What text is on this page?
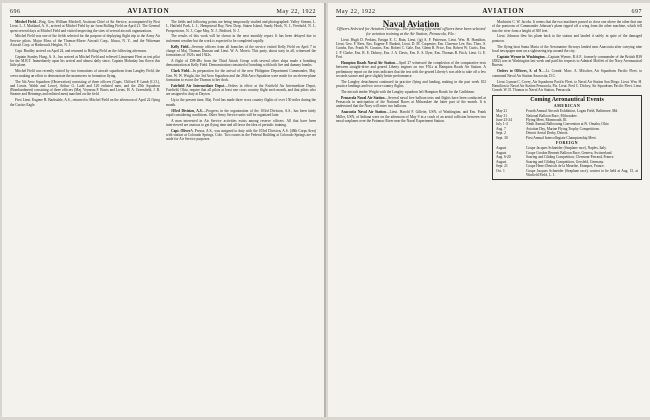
696	AVIATION	May 22, 1922

Mitchel Field—Brig. Gen. William Mitchell, Assistant Chief of Air Service, accompanied by First Lieut. L. J. Maitland, A. S., arrived at Mitchel Field by air from Bolling Field on April 21. The General spent several days at Mitchel Field and visited inspecting the sites of several aircraft organizations.

Mitchel Field was one of the fields selected for the purpose of deploying flight trip to the Army Air Service pilots. Major Moss of the Thomas-Morse Aircraft Corp., Ithaca, N. Y., and the Witteman Aircraft Corp. at Hasbrouck Heights, N. J.

Capt. Bradley arrived on April 24, and returned to Bolling Field on the following afternoon.

Captain Stanley Hoag, A. S., has arrived at Mitchel Field and relieved Lieutenant Fleet as test pilot for the M.B.T. Immediately upon his arrival and almost daily since, Captain Mohaday has flown this little plane.

Mitchel Field was recently visited by two formations of aircraft squadrons from Langley Field, the crews making an effort to demonstrate the maneuvers in formation flying.

The 5th Aero Squadron (Observation) consisting of three officers (Capts. Clifford P. Lamb (C.O.), and Lieuts. Walsh and Lowe), Arthur G. Ladd and 120 enlisted men, and the 25th Squadron (Bombardment) consisting of three officers (Maj. Veyneau F. Boots and Lieuts. H. A. Greenfield, J. R. Stearne and Hennings and enlisted men) marched on the field.

First Lieut. Eugene H. Barksdale, A.S., returned to Mitchel Field on the afternoon of April 22 flying the Curtiss Eagle.

The fields and following points are being temporarily studied and photographed: Valley Stream, L. I., Hatfield Park, L. I., Hempstead Bay, New Dorp, Staten Island, Sandy Hook, N. J., Freehold, N. J., Prospertown, N. J., Cape May, N. J., Bedford, N. J.

The results of this work will be shown in the next monthly report. It has been delayed due to inclement weather but the work is expected to be completed rapidly.

Kelly Field—Seventy officers from all branches of the service visited Kelly Field on April 7 in charge of Maj. Thomas Duncan and Lieut. W. A. Morris. This party, about sixty in all, witnessed the formations of 1921s and 1922s.

A flight of DH-4Bs from the Third Attack Group with several other ships made a bombing demonstration at Kelly Field. Demonstration consisted of bombing with both live and dummy bombs.

Clark Field—In preparation for the arrival of the new Philippine Department Commander, Maj. Gen. W. W. Wright, the 3rd Aero Squadron and the 28th Aero Squadron were made for an eleven-plane formation to escort the Thomas to her dock.

Fairfield Air Intermediate Depot—Orders in effect at the Fairfield Air Intermediate Depot, Fairfield, Ohio, require that all pilots at least one cross country flight each month, and that pilots who are assigned to duty at Dayton.

Up to the present time, Maj. Ford has made three cross country flights of over 150 miles during the month.

103rd Division, A.S.—Progress in the organization of the 103rd Division, A.S., has been fairly rapid considering conditions. Other Army Service units will be organized later.

A man interested in Air Service activities exists among reserve officers. All that have been interviewed are anxious to get flying time and all favor the idea of periodic training.

Capt. OliverA. Preuss, A.S., was assigned to duty with the 103rd Division, A.S. (48th Corps Area) with station at Colorado Springs, Colo. Two rooms in the Federal Building at Colorado Springs are set aside for Air Service purposes.

May 22, 1922	AVIATION	697
Naval Aviation
Officers Selected for Aviation Training—The following fifty naval officers have been selected for aviation training at the Air Station, Pensacola, Fla.:

Lieut. Hugh D. Perkins, Ensign E. C. Bain, Lieut. (jg) A. F. Patterson, Lieut. Wm. H. Hamilton, Lieut. Geo. F. Rees, Ens. Eugene F. Burkett, Lieut. D. M. Carpenter, Ens. Clarence Lee, Ens. Theo. S. Combs, Ens. Frank W. Cousins, Ens. Robert C. Gale, Ens. Glenn R. Price, Ens. Robert W. Curtis, Ens. J. P. Clarke, Ens. R. E. Dobroy, Ens. J. A. Davis, Ens. E. S. Dyer, Ens. Thomas B. Fitch, Lieut. G. E. Fort.

Hampton Roads Naval Air Station—April 27 witnessed the completion of the comparative tests between straight-drive and geared Liberty engines on two F5Ls at Hampton Roads Air Station. A preliminary report on the tests indicates that the test with the geared Liberty's was able to take off a few seconds sooner and gave slightly better performance.

The Langley detachment continued its practice flying and landing, making in the past week 102 practice landings and two cross-country flights.

The aircraft tender Wright with the Langley squadron left Hampton Roads for the Caribbean.

Pensacola Naval Air Station—Several naval free balloon tests and flights have been conducted at Pensacola in anticipation of the National Races at Milwaukee the latter part of the month. It is understood that the Navy will enter two balloons.

Anacostia Naval Air Station—Lieut. Harold F. Gillette, USN, of Washington, and Ens. Frank Miller, USN, of Indiana were on the afternoon of May 9 in a crash of an aerial collision between two naval seaplanes over the Potomac River near the Naval Experiment Station.

Machinist C. W. Jacobs. It seems that the two machines passed so close one above the other that one of the pontoons of Commander Johnson's plane ripped off a wing from the other machine, which fell into the river from a height of 300 feet.

Lieut. Johnson flew his plane back to the station and landed it safely in spite of the damaged pontoon.

The flying boat Santa Maria of the Aeromarine Airways landed near Anacostia after carrying nine local newspaper men on a sightseeing trip around the city.

Captain Wynne in Washington—Captain Wynne, R.A.F., formerly commander of the British R38 (ZR2) was in Washington last week and paid his respects to Admiral Moffett of the Navy Aeronautical Bureau.

Orders to Officers, S. of N.—Lt. Comdr. Marc. A. Mitscher, Air Squadrons Pacific Fleet, to command Naval Air Station Anacostia, D.C.

Lieut. Lyman C. Covey, Air Squadrons Pacific Fleet, to Naval Air Station San Diego. Lieut. Wm. H. Hamilton to Naval Air Station Pensacola, Fla. Lieut. Fred C. Dickey, Air Squadrons Pacific Fleet. Lieut. Comdr. W. D. Thomas to Naval Air Station, Pensacola.

Coming Aeronautical Events
AMERICAN
May 21	Fourth Annual Aircraft Exhibition, Logan Field, Baltimore, Md.
May 31	National Balloon Race, Milwaukee.
June 23-24	Flying Meet, Monmouth, Ill.
July 1-4	Ninth Annual Ballooning Convention at Ft. Omaha, Ohio.
Aug. 7	Aviation Day, Marine Flying Trophy Competitions.
Sept. 2	Detroit Aerial Derby, Detroit.
Sept. 30	First Annual Intercollegiate Championship Meet.
FOREIGN
August	Coupe Jacques Schneider (Seaplane race), Naples, Italy.
August	Coupe Gordon Bennett Balloon Race, Geneva, Switzerland.
Aug. 6-20	Soaring and Gliding Competition, Clermont-Ferrand, France.
August	Soaring and Gliding Competition, Gersfeld, Germany.
Sept. 21	Coupe Henri Deutsch de la Meurthe, Etampes, France.
Oct. 1	Coupe Jacques Schneider (Seaplane race), contest to be held at Aug. 15, at Winfield Field, L. I.
